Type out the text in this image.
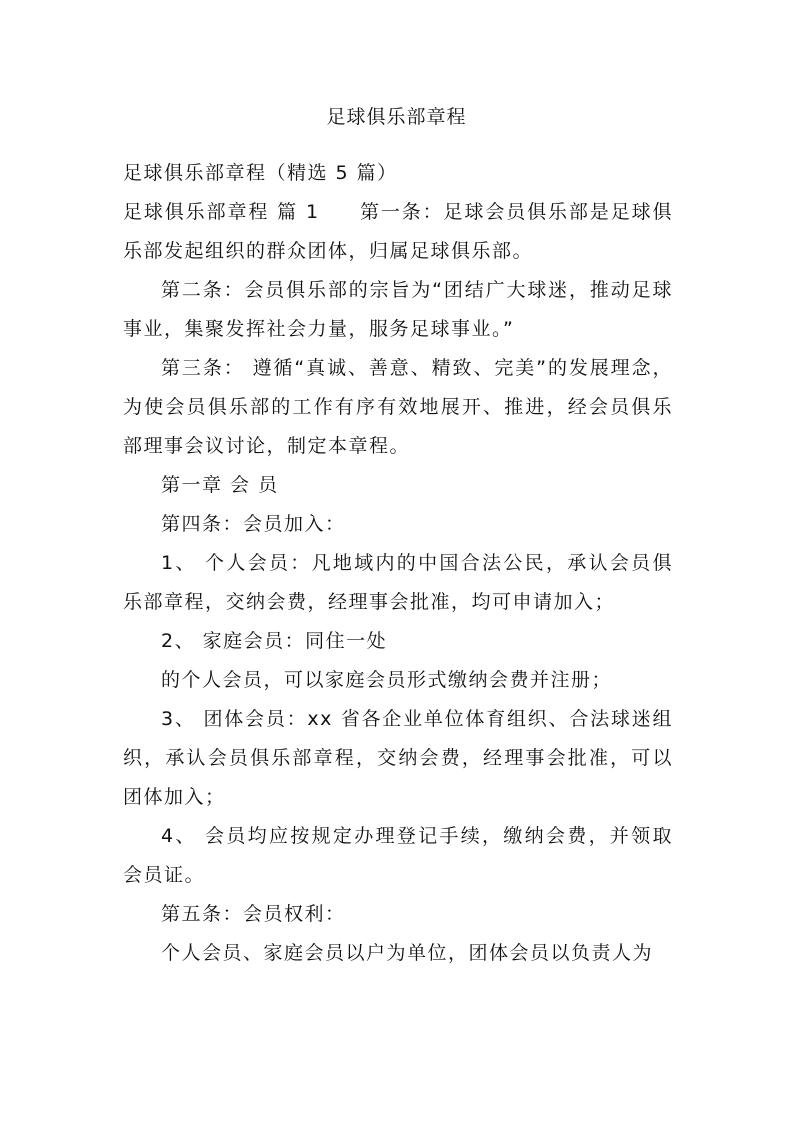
足球俱乐部章程

足球俱乐部章程（精选 5 篇）

足球俱乐部章程 篇 1 第一条：足球会员俱乐部是足球俱乐部发起组织的群众团体，归属足球俱乐部。

第二条：会员俱乐部的宗旨为“团结广大球迷，推动足球事业，集聚发挥社会力量，服务足球事业。”

第三条： 遵循“真诚、善意、精致、完美”的发展理念，为使会员俱乐部的工作有序有效地展开、推进，经会员俱乐部理事会议讨论，制定本章程。

第一章 会 员

第四条：会员加入：

1、 个人会员：凡地域内的中国合法公民，承认会员俱乐部章程，交纳会费，经理事会批准，均可申请加入；

2、 家庭会员：同住一处

的个人会员，可以家庭会员形式缴纳会费并注册；

3、 团体会员：xx 省各企业单位体育组织、合法球迷组织，承认会员俱乐部章程，交纳会费，经理事会批准，可以团体加入；

4、 会员均应按规定办理登记手续，缴纳会费，并领取会员证。

第五条：会员权利：

个人会员、家庭会员以户为单位，团体会员以负责人为
